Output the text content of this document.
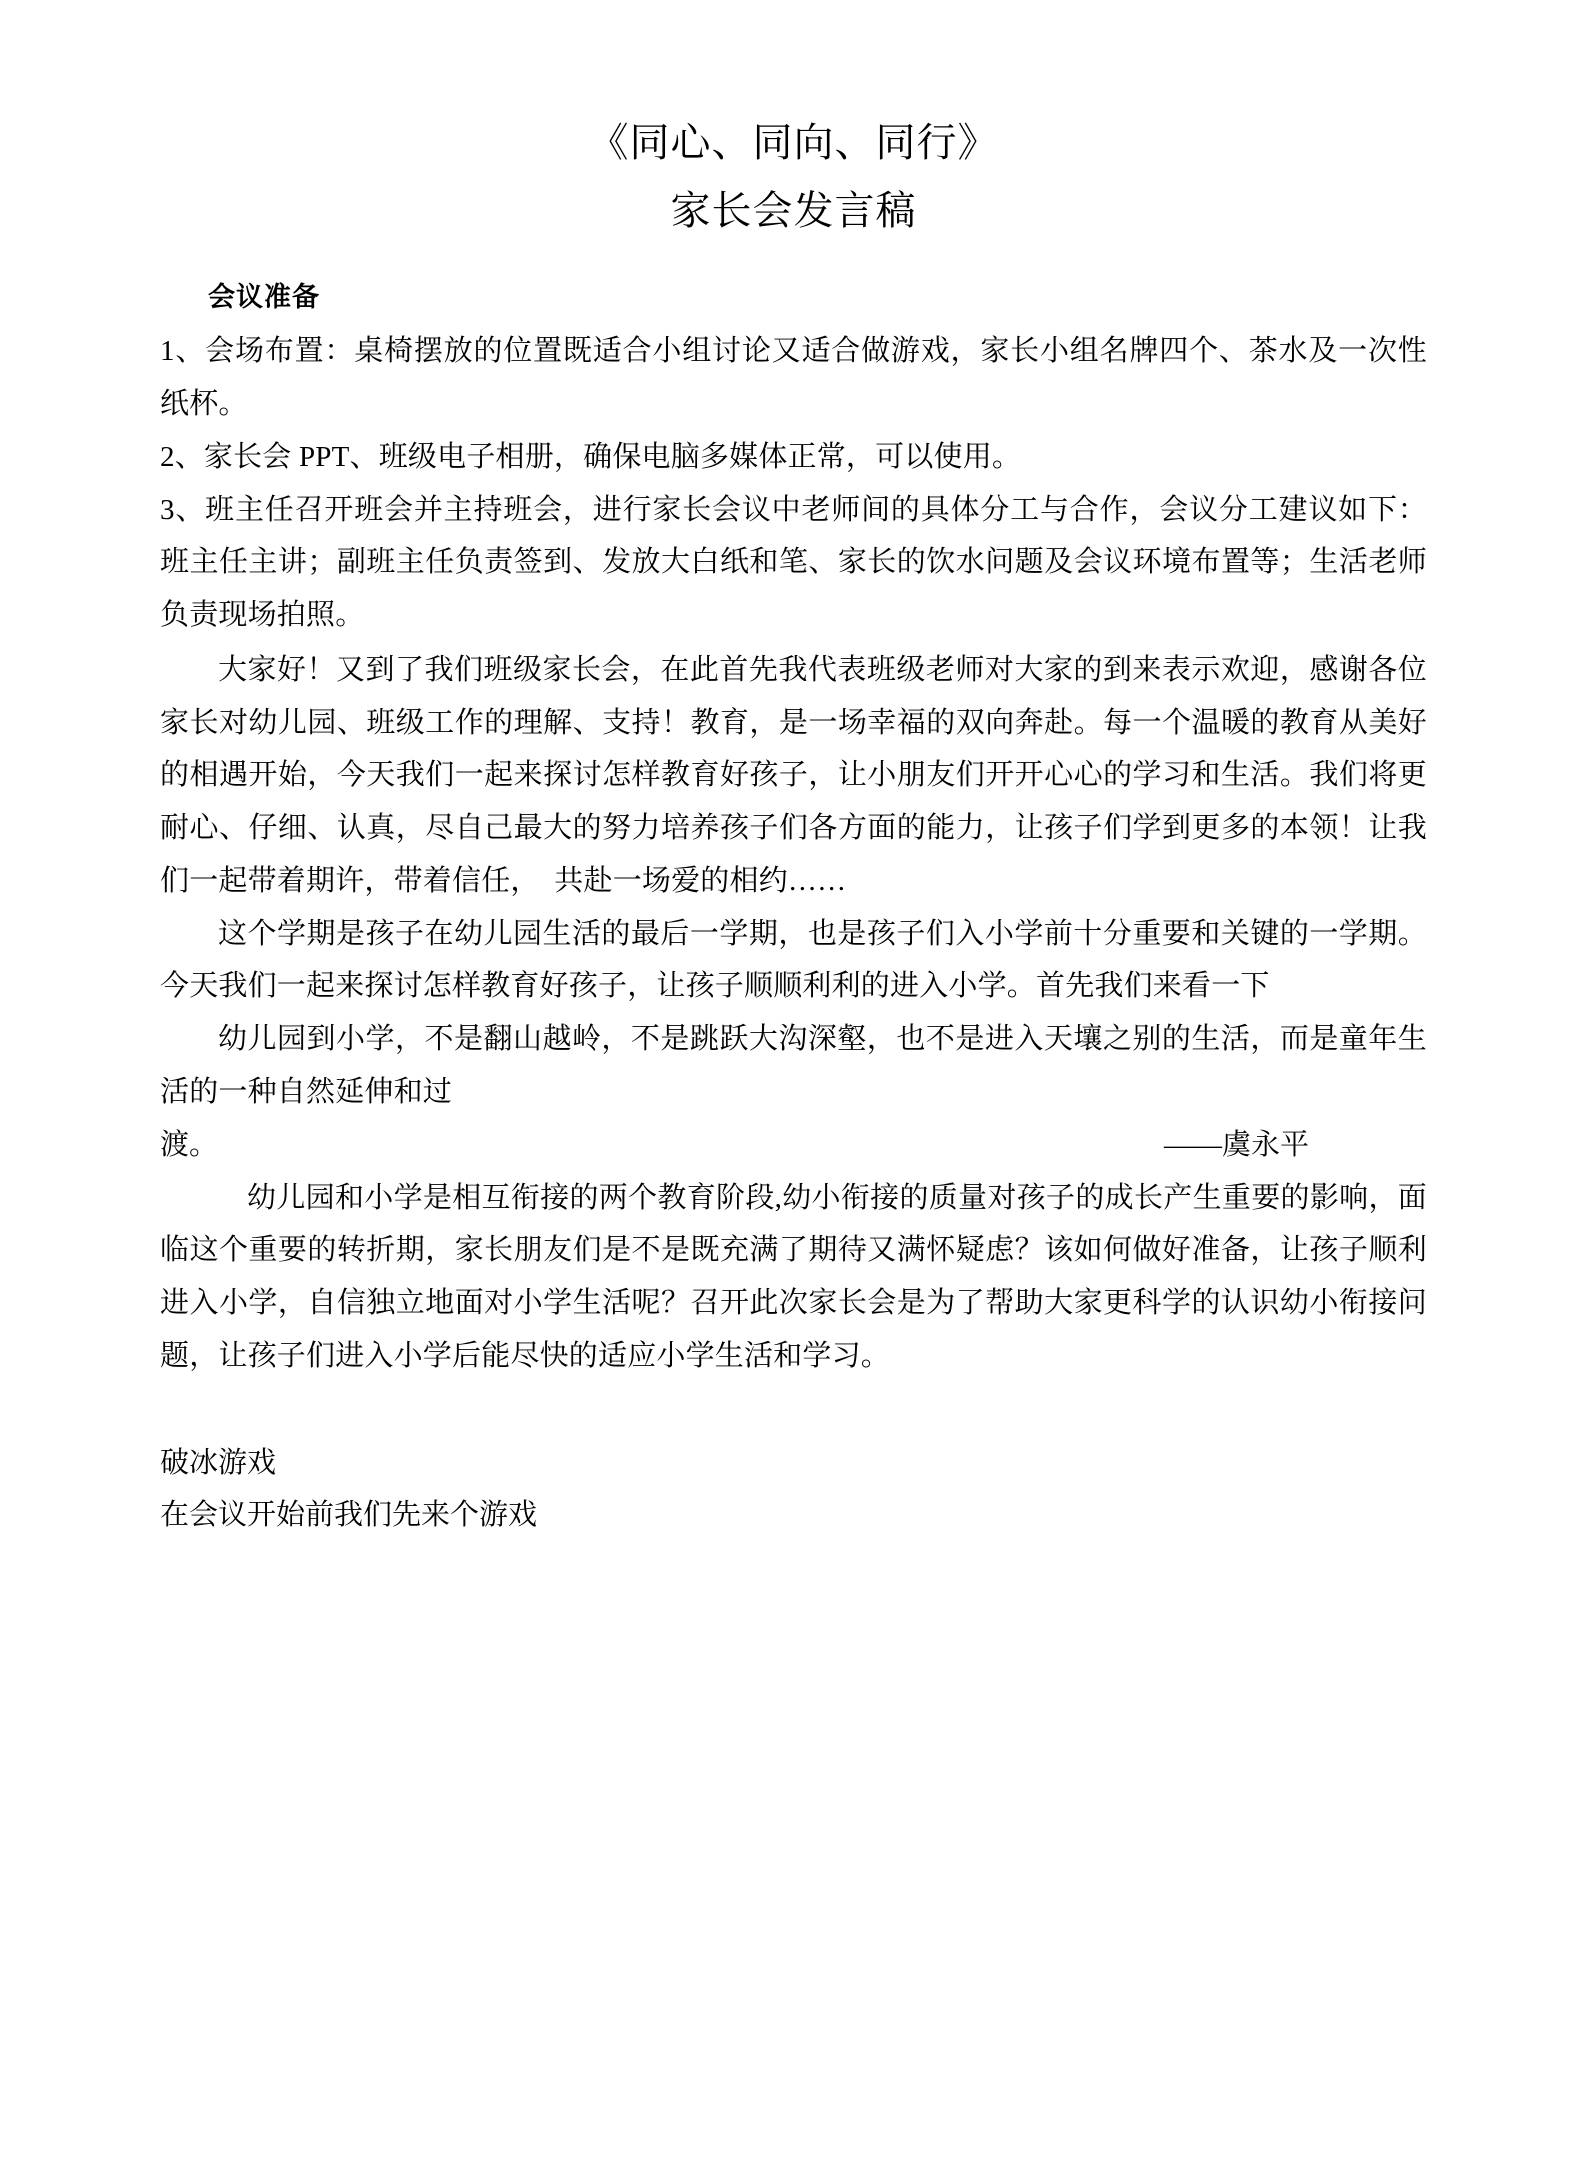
《同心、同向、同行》
家长会发言稿
会议准备

1、会场布置：桌椅摆放的位置既适合小组讨论又适合做游戏，家长小组名牌四个、茶水及一次性纸杯。

2、家长会 PPT、班级电子相册，确保电脑多媒体正常，可以使用。

3、班主任召开班会并主持班会，进行家长会议中老师间的具体分工与合作，会议分工建议如下：班主任主讲；副班主任负责签到、发放大白纸和笔、家长的饮水问题及会议环境布置等；生活老师负责现场拍照。

大家好！又到了我们班级家长会，在此首先我代表班级老师对大家的到来表示欢迎，感谢各位家长对幼儿园、班级工作的理解、支持！教育，是一场幸福的双向奔赴。每一个温暖的教育从美好的相遇开始，今天我们一起来探讨怎样教育好孩子，让小朋友们开开心心的学习和生活。我们将更耐心、仔细、认真，尽自己最大的努力培养孩子们各方面的能力，让孩子们学到更多的本领！让我们一起带着期许，带着信任，　共赴一场爱的相约……

这个学期是孩子在幼儿园生活的最后一学期，也是孩子们入小学前十分重要和关键的一学期。今天我们一起来探讨怎样教育好孩子，让孩子顺顺利利的进入小学。首先我们来看一下

幼儿园到小学，不是翻山越岭，不是跳跃大沟深壑，也不是进入天壤之别的生活，而是童年生活的一种自然延伸和过

渡。	——虞永平

幼儿园和小学是相互衔接的两个教育阶段,幼小衔接的质量对孩子的成长产生重要的影响，面临这个重要的转折期，家长朋友们是不是既充满了期待又满怀疑虑？该如何做好准备，让孩子顺利进入小学，自信独立地面对小学生活呢？召开此次家长会是为了帮助大家更科学的认识幼小衔接问题，让孩子们进入小学后能尽快的适应小学生活和学习。

破冰游戏

在会议开始前我们先来个游戏
